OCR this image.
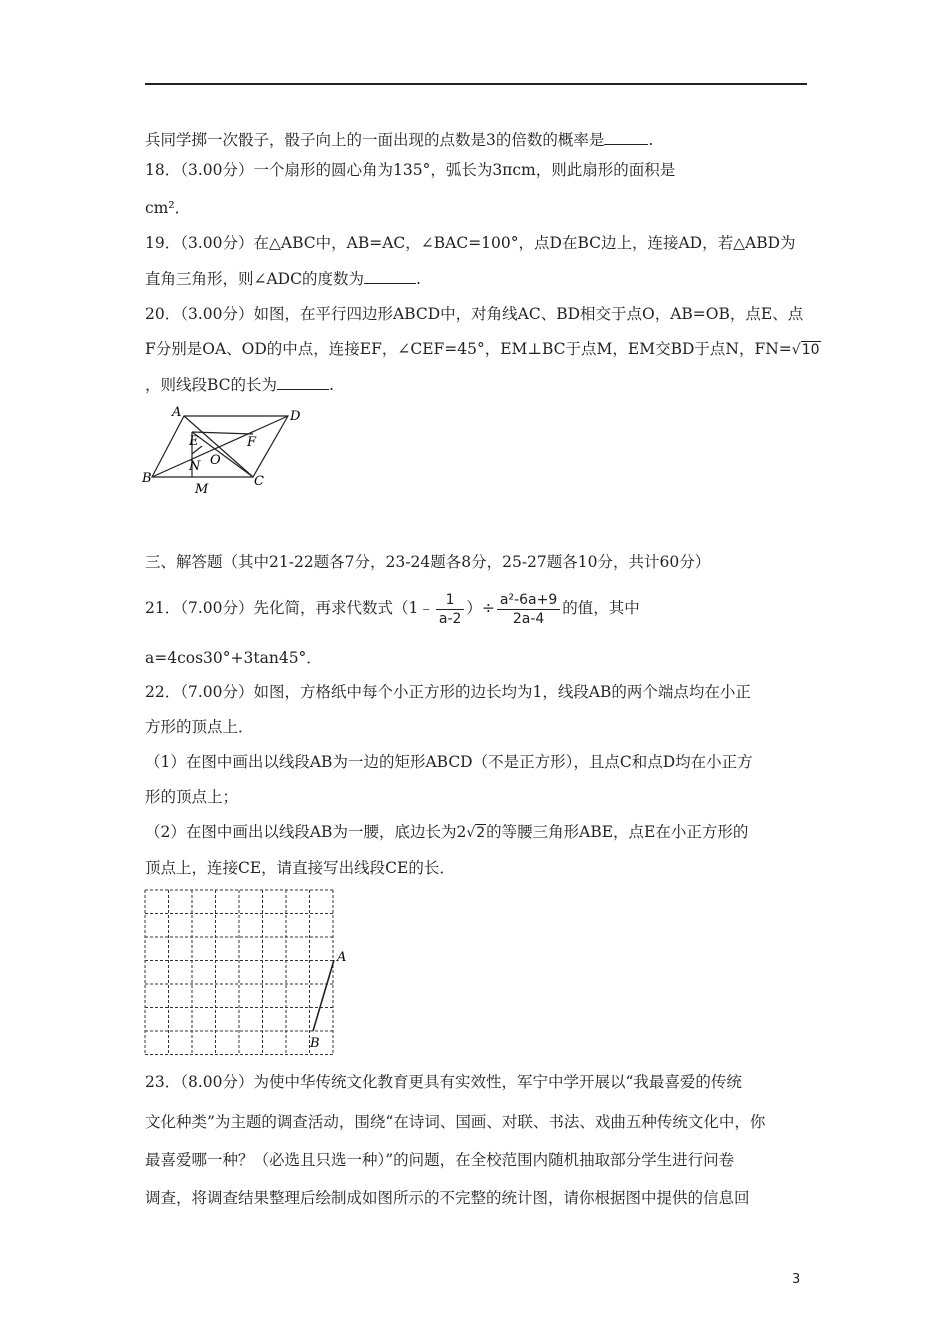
兵同学掷一次骰子，骰子向上的一面出现的点数是3的倍数的概率是	.
18．（3.00分）一个扇形的圆心角为135°，弧长为3πcm，则此扇形的面积是
cm²．
19．（3.00分）在△ABC中，AB=AC，∠BAC=100°，点D在BC边上，连接AD，若△ABD为
直角三角形，则∠ADC的度数为	.
20．（3.00分）如图，在平行四边形ABCD中，对角线AC、BD相交于点O，AB=OB，点E、点
F分别是OA、OD的中点，连接EF，∠CEF=45°，EM⊥BC于点M，EM交BD于点N，FN=√10
，则线段BC的长为	.
A	D
B	C
E	F
O
N
M
三、解答题（其中21-22题各7分，23-24题各8分，25-27题各10分，共计60分）
21．（7.00分）先化简，再求代数式（1﹣ $\frac{1}{a-2}$ ）÷ $\frac{\text{a²-6a+9}}{2a-4}$ 的值，其中
a=4cos30°+3tan45°．
22．（7.00分）如图，方格纸中每个小正方形的边长均为1，线段AB的两个端点均在小正
方形的顶点上．
（1）在图中画出以线段AB为一边的矩形ABCD（不是正方形），且点C和点D均在小正方
形的顶点上；
（2）在图中画出以线段AB为一腰，底边长为2√2的等腰三角形ABE，点E在小正方形的
顶点上，连接CE，请直接写出线段CE的长．
A
B
23．（8.00分）为使中华传统文化教育更具有实效性，军宁中学开展以“我最喜爱的传统
文化种类”为主题的调查活动，围绕“在诗词、国画、对联、书法、戏曲五种传统文化中，你
最喜爱哪一种？（必选且只选一种）”的问题，在全校范围内随机抽取部分学生进行问卷
调查，将调查结果整理后绘制成如图所示的不完整的统计图，请你根据图中提供的信息回
3
